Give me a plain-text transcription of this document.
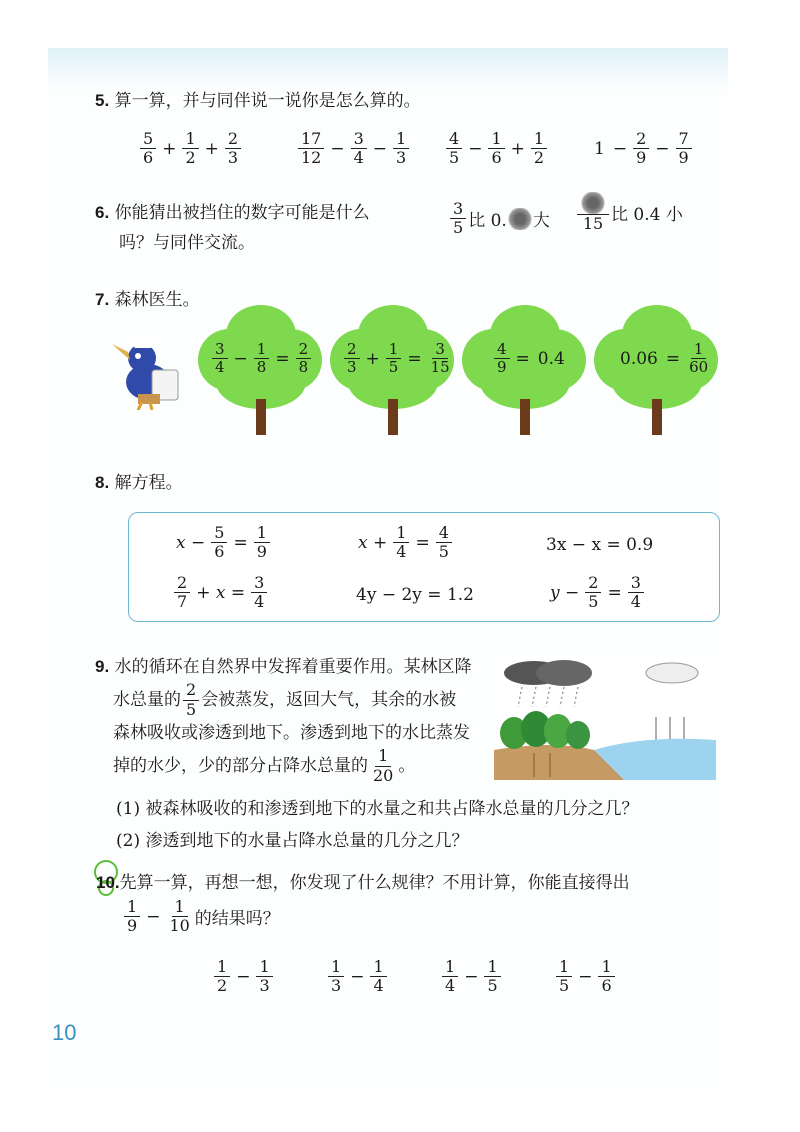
5. 算一算，并与同伴说一说你是怎么算的。
$\frac{5}{6} + \frac{1}{2} + \frac{2}{3}$	$\frac{17}{12} - \frac{3}{4} - \frac{1}{3} \frac{4}{5} - \frac{1}{6} + \frac{1}{2}$	$1 - \frac{2}{9} - \frac{7}{9}$
6. 你能猜出被挡住的数字可能是什么
吗？与同伴交流。
$\frac{3}{5}$ 比 0. 大 15 比 0.4 小
7. 森林医生。
$\frac{3}{4} - \frac{1}{8} = \frac{2}{8} \frac{2}{3} + \frac{1}{5} = \frac{3}{15}$	$\frac{4}{9} = 0.4$	$0.06 = \frac{1}{60}$
8. 解方程。
$x - \frac{5}{6} = \frac{1}{9}$	$x + \frac{1}{4} = \frac{4}{5}$	3x − x = 0.9
$\frac{2}{7} + x = \frac{3}{4}$	4y − 2y = 1.2	$y - \frac{2}{5} = \frac{3}{4}$
9. 水的循环在自然界中发挥着重要作用。某林区降
水总量的 $\frac{2}{5}$ 会被蒸发，返回大气，其余的水被
森林吸收或渗透到地下。渗透到地下的水比蒸发
掉的水少，少的部分占降水总量的 $\frac{1}{20}$ 。
(1) 被森林吸收的和渗透到地下的水量之和共占降水总量的几分之几？
(2) 渗透到地下的水量占降水总量的几分之几？
10.先算一算，再想一想，你发现了什么规律？不用计算，你能直接得出
$\frac{1}{9} - \frac{1}{10}$ 的结果吗？
$\frac{1}{2} - \frac{1}{3}$	$\frac{1}{3} - \frac{1}{4}$	$\frac{1}{4} - \frac{1}{5}$	$\frac{1}{5} - \frac{1}{6}$
10
